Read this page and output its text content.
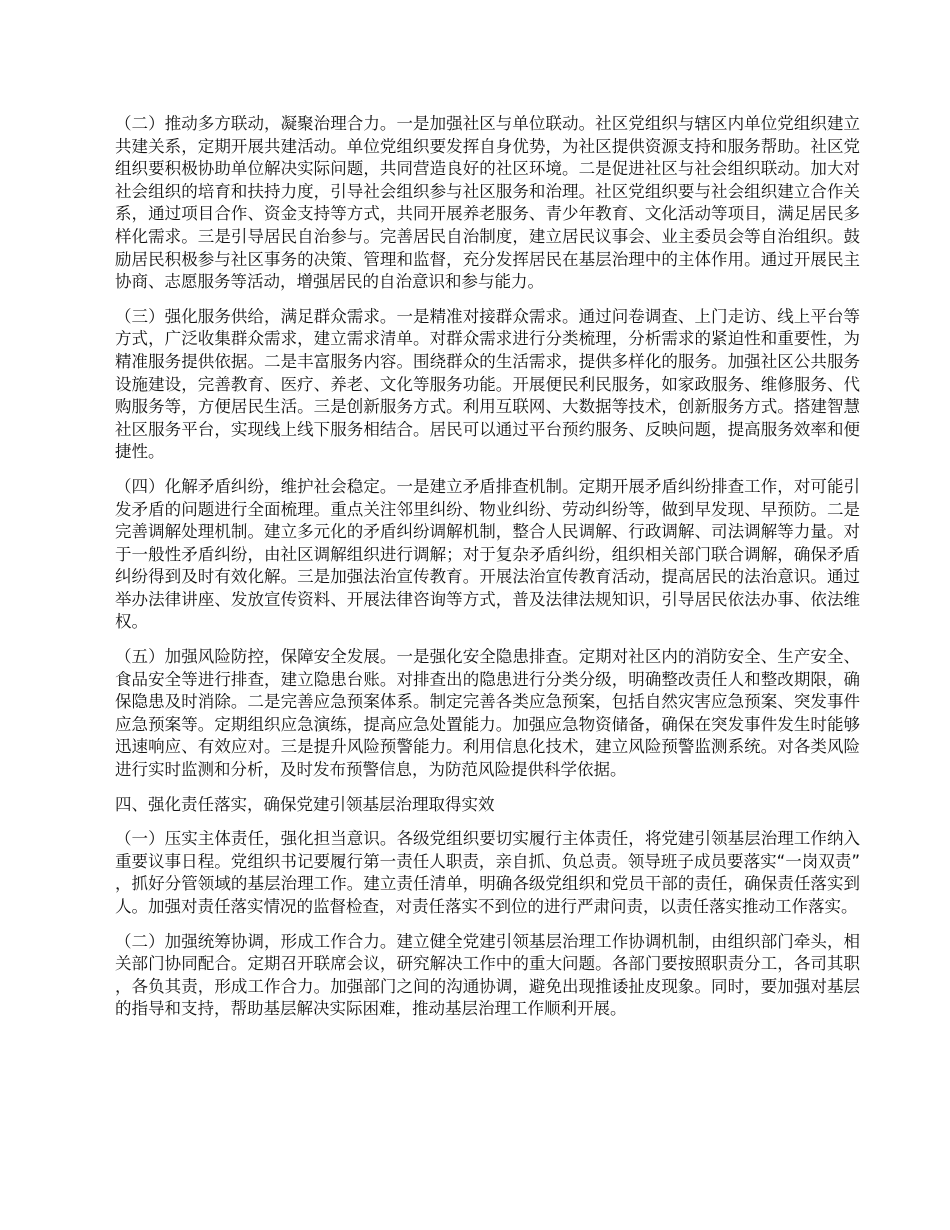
（二）推动多方联动，凝聚治理合力。一是加强社区与单位联动。社区党组织与辖区内单位党组织建立共建关系，定期开展共建活动。单位党组织要发挥自身优势，为社区提供资源支持和服务帮助。社区党组织要积极协助单位解决实际问题，共同营造良好的社区环境。二是促进社区与社会组织联动。加大对社会组织的培育和扶持力度，引导社会组织参与社区服务和治理。社区党组织要与社会组织建立合作关系，通过项目合作、资金支持等方式，共同开展养老服务、青少年教育、文化活动等项目，满足居民多样化需求。三是引导居民自治参与。完善居民自治制度，建立居民议事会、业主委员会等自治组织。鼓励居民积极参与社区事务的决策、管理和监督，充分发挥居民在基层治理中的主体作用。通过开展民主协商、志愿服务等活动，增强居民的自治意识和参与能力。

（三）强化服务供给，满足群众需求。一是精准对接群众需求。通过问卷调查、上门走访、线上平台等方式，广泛收集群众需求，建立需求清单。对群众需求进行分类梳理，分析需求的紧迫性和重要性，为精准服务提供依据。二是丰富服务内容。围绕群众的生活需求，提供多样化的服务。加强社区公共服务设施建设，完善教育、医疗、养老、文化等服务功能。开展便民利民服务，如家政服务、维修服务、代购服务等，方便居民生活。三是创新服务方式。利用互联网、大数据等技术，创新服务方式。搭建智慧社区服务平台，实现线上线下服务相结合。居民可以通过平台预约服务、反映问题，提高服务效率和便捷性。

（四）化解矛盾纠纷，维护社会稳定。一是建立矛盾排查机制。定期开展矛盾纠纷排查工作，对可能引发矛盾的问题进行全面梳理。重点关注邻里纠纷、物业纠纷、劳动纠纷等，做到早发现、早预防。二是完善调解处理机制。建立多元化的矛盾纠纷调解机制，整合人民调解、行政调解、司法调解等力量。对于一般性矛盾纠纷，由社区调解组织进行调解；对于复杂矛盾纠纷，组织相关部门联合调解，确保矛盾纠纷得到及时有效化解。三是加强法治宣传教育。开展法治宣传教育活动，提高居民的法治意识。通过举办法律讲座、发放宣传资料、开展法律咨询等方式，普及法律法规知识，引导居民依法办事、依法维权。

（五）加强风险防控，保障安全发展。一是强化安全隐患排查。定期对社区内的消防安全、生产安全、食品安全等进行排查，建立隐患台账。对排查出的隐患进行分类分级，明确整改责任人和整改期限，确保隐患及时消除。二是完善应急预案体系。制定完善各类应急预案，包括自然灾害应急预案、突发事件应急预案等。定期组织应急演练，提高应急处置能力。加强应急物资储备，确保在突发事件发生时能够迅速响应、有效应对。三是提升风险预警能力。利用信息化技术，建立风险预警监测系统。对各类风险进行实时监测和分析，及时发布预警信息，为防范风险提供科学依据。

四、强化责任落实，确保党建引领基层治理取得实效

（一）压实主体责任，强化担当意识。各级党组织要切实履行主体责任，将党建引领基层治理工作纳入重要议事日程。党组织书记要履行第一责任人职责，亲自抓、负总责。领导班子成员要落实“一岗双责”，抓好分管领域的基层治理工作。建立责任清单，明确各级党组织和党员干部的责任，确保责任落实到人。加强对责任落实情况的监督检查，对责任落实不到位的进行严肃问责，以责任落实推动工作落实。

（二）加强统筹协调，形成工作合力。建立健全党建引领基层治理工作协调机制，由组织部门牵头，相关部门协同配合。定期召开联席会议，研究解决工作中的重大问题。各部门要按照职责分工，各司其职，各负其责，形成工作合力。加强部门之间的沟通协调，避免出现推诿扯皮现象。同时，要加强对基层的指导和支持，帮助基层解决实际困难，推动基层治理工作顺利开展。
